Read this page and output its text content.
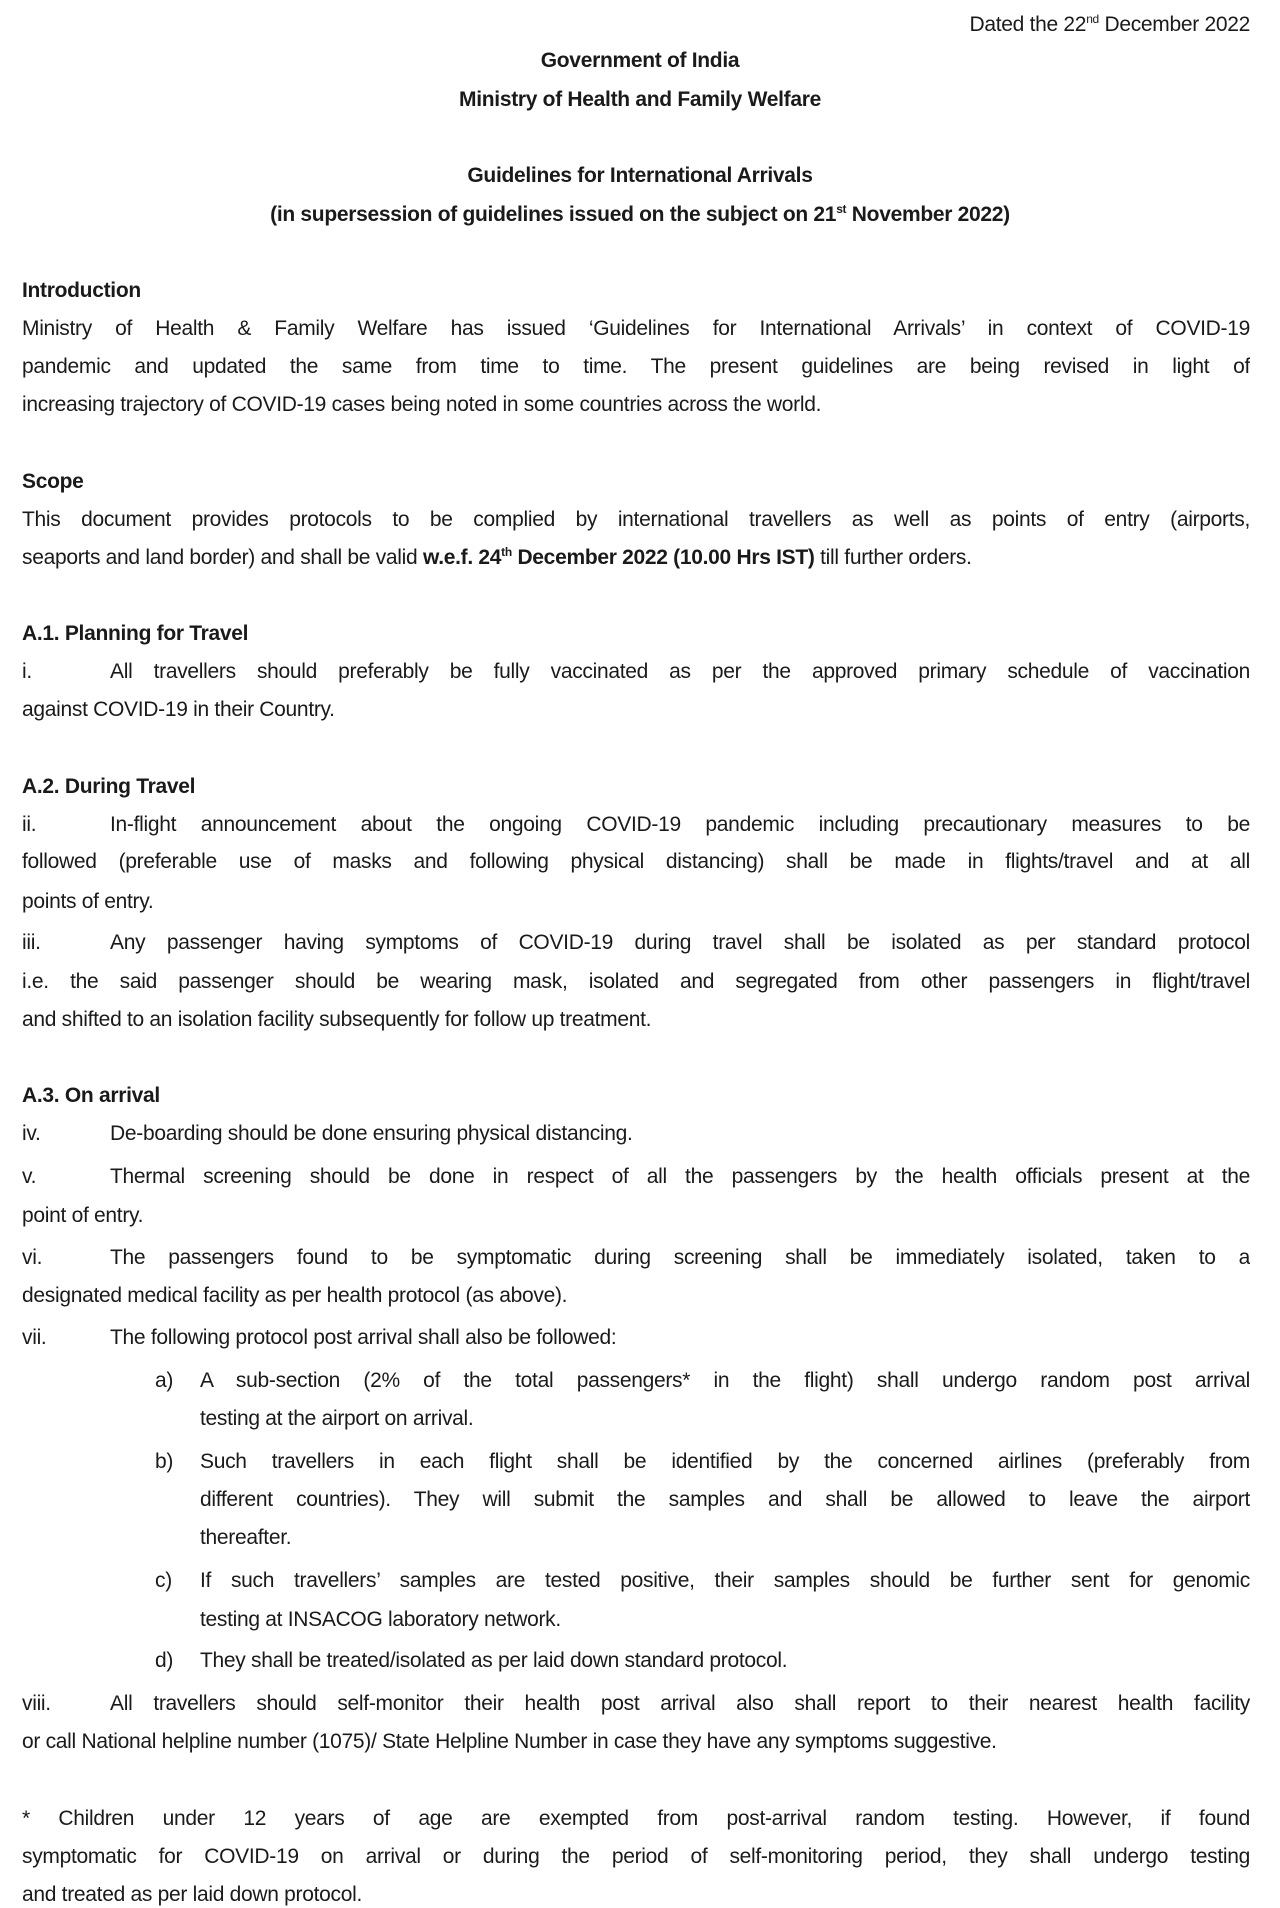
Dated the 22nd December 2022
Government of India
Ministry of Health and Family Welfare
Guidelines for International Arrivals
(in supersession of guidelines issued on the subject on 21st November 2022)
Introduction
Ministry of Health & Family Welfare has issued ‘Guidelines for International Arrivals’ in context of COVID-19
pandemic and updated the same from time to time. The present guidelines are being revised in light of
increasing trajectory of COVID-19 cases being noted in some countries across the world.
Scope
This document provides protocols to be complied by international travellers as well as points of entry (airports,
seaports and land border) and shall be valid w.e.f. 24th December 2022 (10.00 Hrs IST) till further orders.
A.1. Planning for Travel
i.	All travellers should preferably be fully vaccinated as per the approved primary schedule of vaccination
against COVID-19 in their Country.
A.2. During Travel
ii.	In-flight announcement about the ongoing COVID-19 pandemic including precautionary measures to be
followed (preferable use of masks and following physical distancing) shall be made in flights/travel and at all
points of entry.
iii.	Any passenger having symptoms of COVID-19 during travel shall be isolated as per standard protocol
i.e. the said passenger should be wearing mask, isolated and segregated from other passengers in flight/travel
and shifted to an isolation facility subsequently for follow up treatment.
A.3. On arrival
iv.	De-boarding should be done ensuring physical distancing.
v.	Thermal screening should be done in respect of all the passengers by the health officials present at the
point of entry.
vi.	The passengers found to be symptomatic during screening shall be immediately isolated, taken to a
designated medical facility as per health protocol (as above).
vii.	The following protocol post arrival shall also be followed:
a)	A sub-section (2% of the total passengers* in the flight) shall undergo random post arrival
testing at the airport on arrival.
b)	Such travellers in each flight shall be identified by the concerned airlines (preferably from
different countries). They will submit the samples and shall be allowed to leave the airport
thereafter.
c)	If such travellers’ samples are tested positive, their samples should be further sent for genomic
testing at INSACOG laboratory network.
d)	They shall be treated/isolated as per laid down standard protocol.
viii.	All travellers should self-monitor their health post arrival also shall report to their nearest health facility
or call National helpline number (1075)/ State Helpline Number in case they have any symptoms suggestive.
* Children under 12 years of age are exempted from post-arrival random testing. However, if found
symptomatic for COVID-19 on arrival or during the period of self-monitoring period, they shall undergo testing
and treated as per laid down protocol.
